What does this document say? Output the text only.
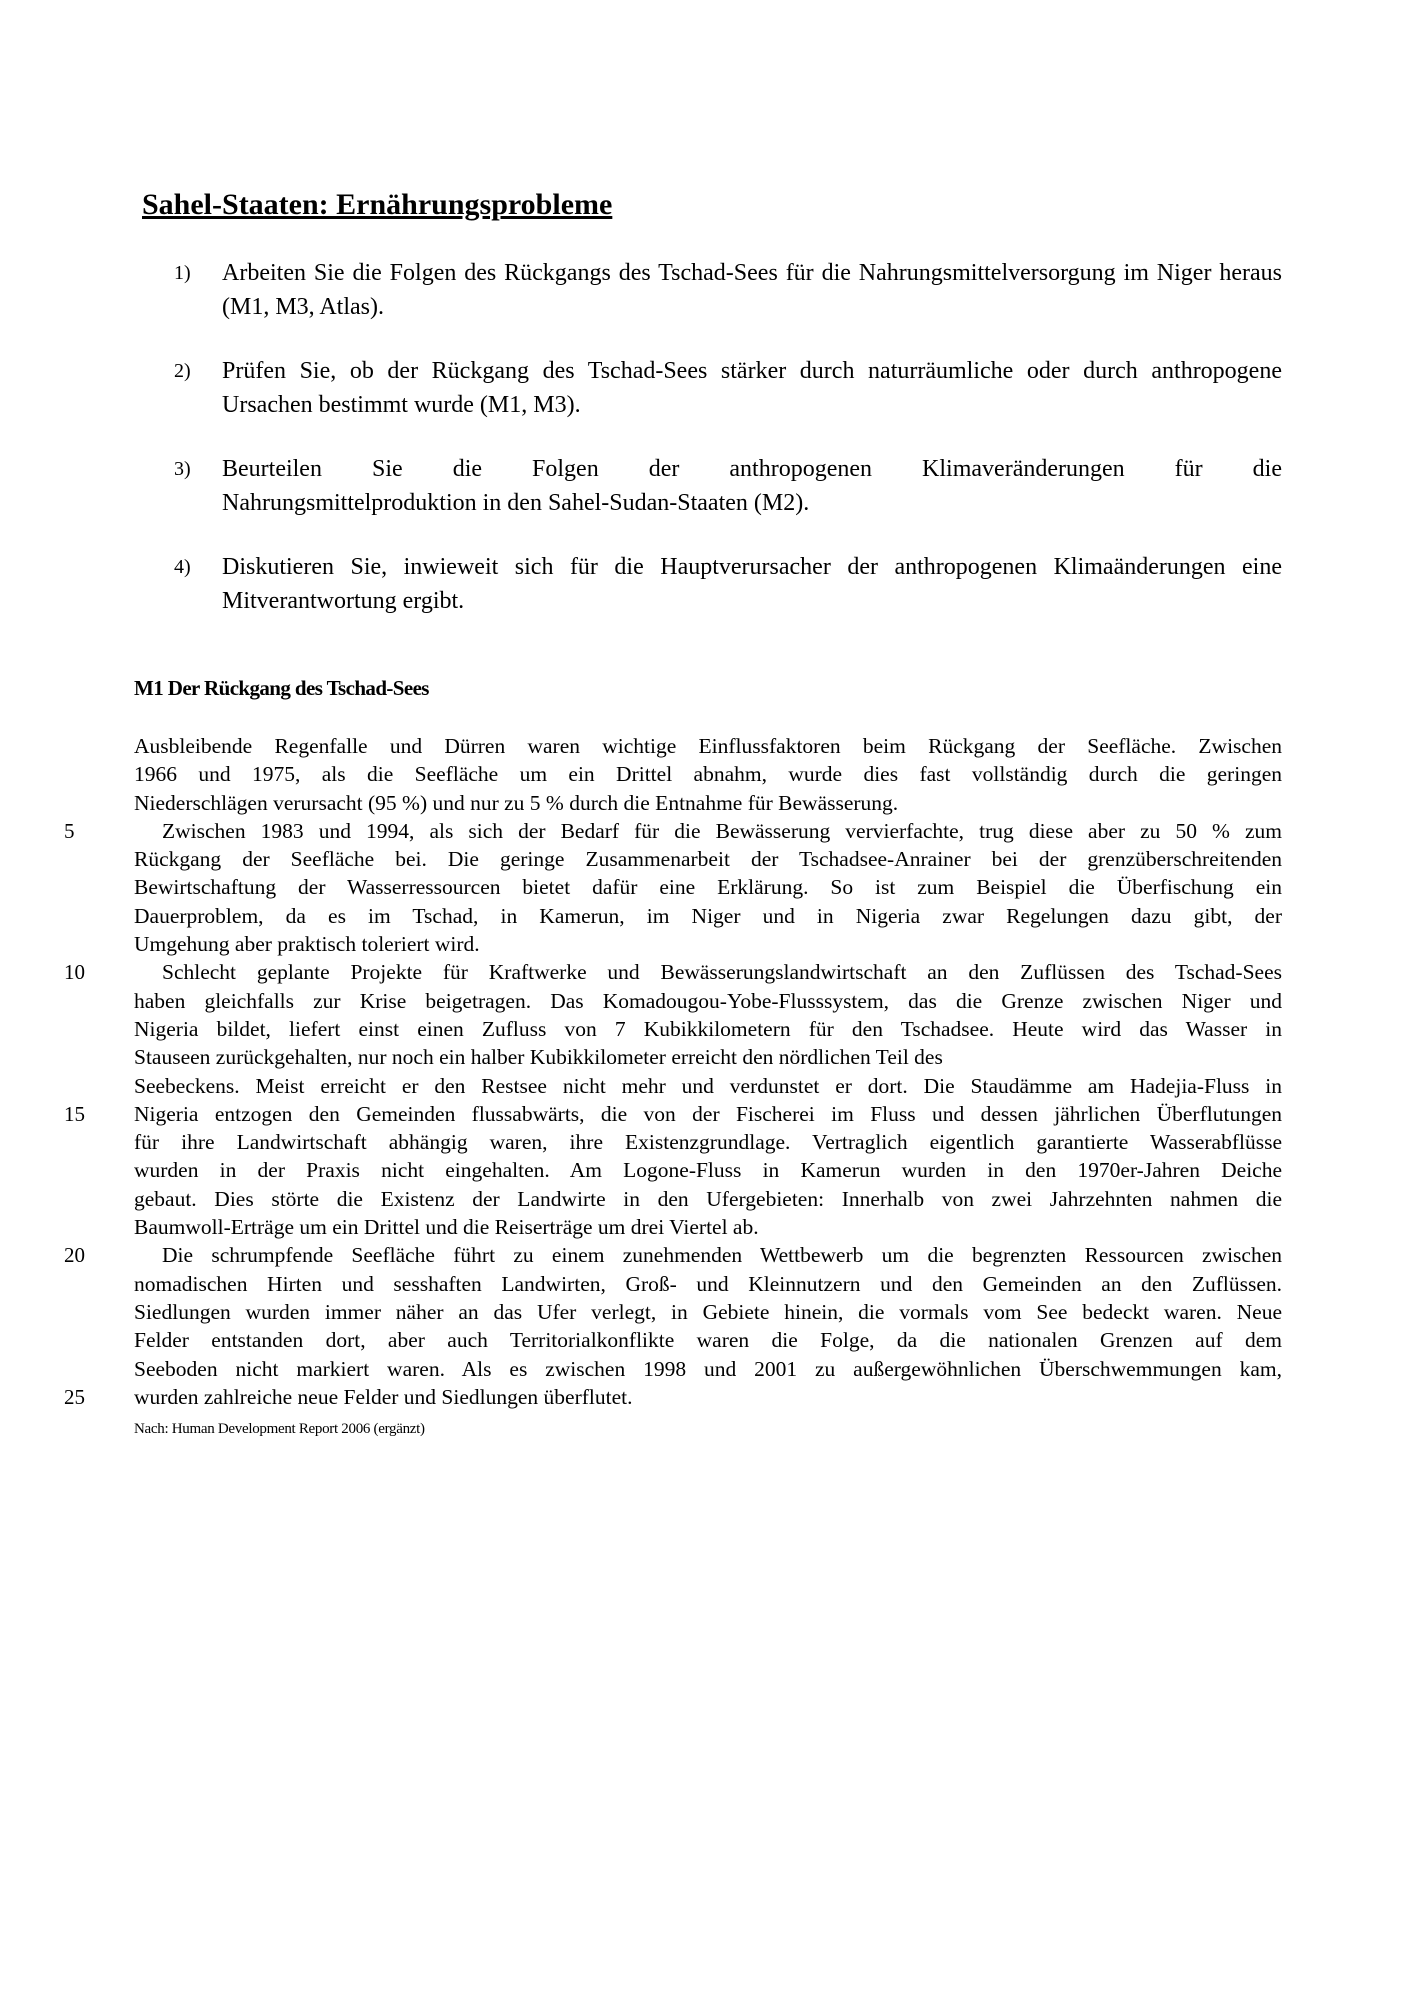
Sahel-Staaten: Ernährungsprobleme
1) Arbeiten Sie die Folgen des Rückgangs des Tschad-Sees für die Nahrungsmittelversorgung im Niger heraus (M1, M3, Atlas).
2) Prüfen Sie, ob der Rückgang des Tschad-Sees stärker durch naturräumliche oder durch anthropogene Ursachen bestimmt wurde (M1, M3).
3) Beurteilen Sie die Folgen der anthropogenen Klimaveränderungen für die
Nahrungsmittelproduktion in den Sahel-Sudan-Staaten (M2).
4) Diskutieren Sie, inwieweit sich für die Hauptverursacher der anthropogenen Klimaänderungen eine Mitverantwortung ergibt.
M1 Der Rückgang des Tschad-Sees
5
10
15
20
25
Ausbleibende Regenfalle und Dürren waren wichtige Einflussfaktoren beim Rückgang der Seefläche. Zwischen
1966 und 1975, als die Seefläche um ein Drittel abnahm, wurde dies fast vollständig durch die geringen
Niederschlägen verursacht (95 %) und nur zu 5 % durch die Entnahme für Bewässerung.
Zwischen 1983 und 1994, als sich der Bedarf für die Bewässerung vervierfachte, trug diese aber zu 50 % zum
Rückgang der Seefläche bei. Die geringe Zusammenarbeit der Tschadsee-Anrainer bei der grenzüberschreitenden
Bewirtschaftung der Wasserressourcen bietet dafür eine Erklärung. So ist zum Beispiel die Überfischung ein
Dauerproblem, da es im Tschad, in Kamerun, im Niger und in Nigeria zwar Regelungen dazu gibt, der
Umgehung aber praktisch toleriert wird.
Schlecht geplante Projekte für Kraftwerke und Bewässerungslandwirtschaft an den Zuflüssen des Tschad-Sees
haben gleichfalls zur Krise beigetragen. Das Komadougou-Yobe-Flusssystem, das die Grenze zwischen Niger und
Nigeria bildet, liefert einst einen Zufluss von 7 Kubikkilometern für den Tschadsee. Heute wird das Wasser in
Stauseen zurückgehalten, nur noch ein halber Kubikkilometer erreicht den nördlichen Teil des
Seebeckens. Meist erreicht er den Restsee nicht mehr und verdunstet er dort. Die Staudämme am Hadejia-Fluss in
Nigeria entzogen den Gemeinden flussabwärts, die von der Fischerei im Fluss und dessen jährlichen Überflutungen
für ihre Landwirtschaft abhängig waren, ihre Existenzgrundlage. Vertraglich eigentlich garantierte Wasserabflüsse
wurden in der Praxis nicht eingehalten. Am Logone-Fluss in Kamerun wurden in den 1970er-Jahren Deiche
gebaut. Dies störte die Existenz der Landwirte in den Ufergebieten: Innerhalb von zwei Jahrzehnten nahmen die
Baumwoll-Erträge um ein Drittel und die Reiserträge um drei Viertel ab.
Die schrumpfende Seefläche führt zu einem zunehmenden Wettbewerb um die begrenzten Ressourcen zwischen
nomadischen Hirten und sesshaften Landwirten, Groß- und Kleinnutzern und den Gemeinden an den Zuflüssen.
Siedlungen wurden immer näher an das Ufer verlegt, in Gebiete hinein, die vormals vom See bedeckt waren. Neue
Felder entstanden dort, aber auch Territorialkonflikte waren die Folge, da die nationalen Grenzen auf dem
Seeboden nicht markiert waren. Als es zwischen 1998 und 2001 zu außergewöhnlichen Überschwemmungen kam,
wurden zahlreiche neue Felder und Siedlungen überflutet.
Nach: Human Development Report 2006 (ergänzt)
